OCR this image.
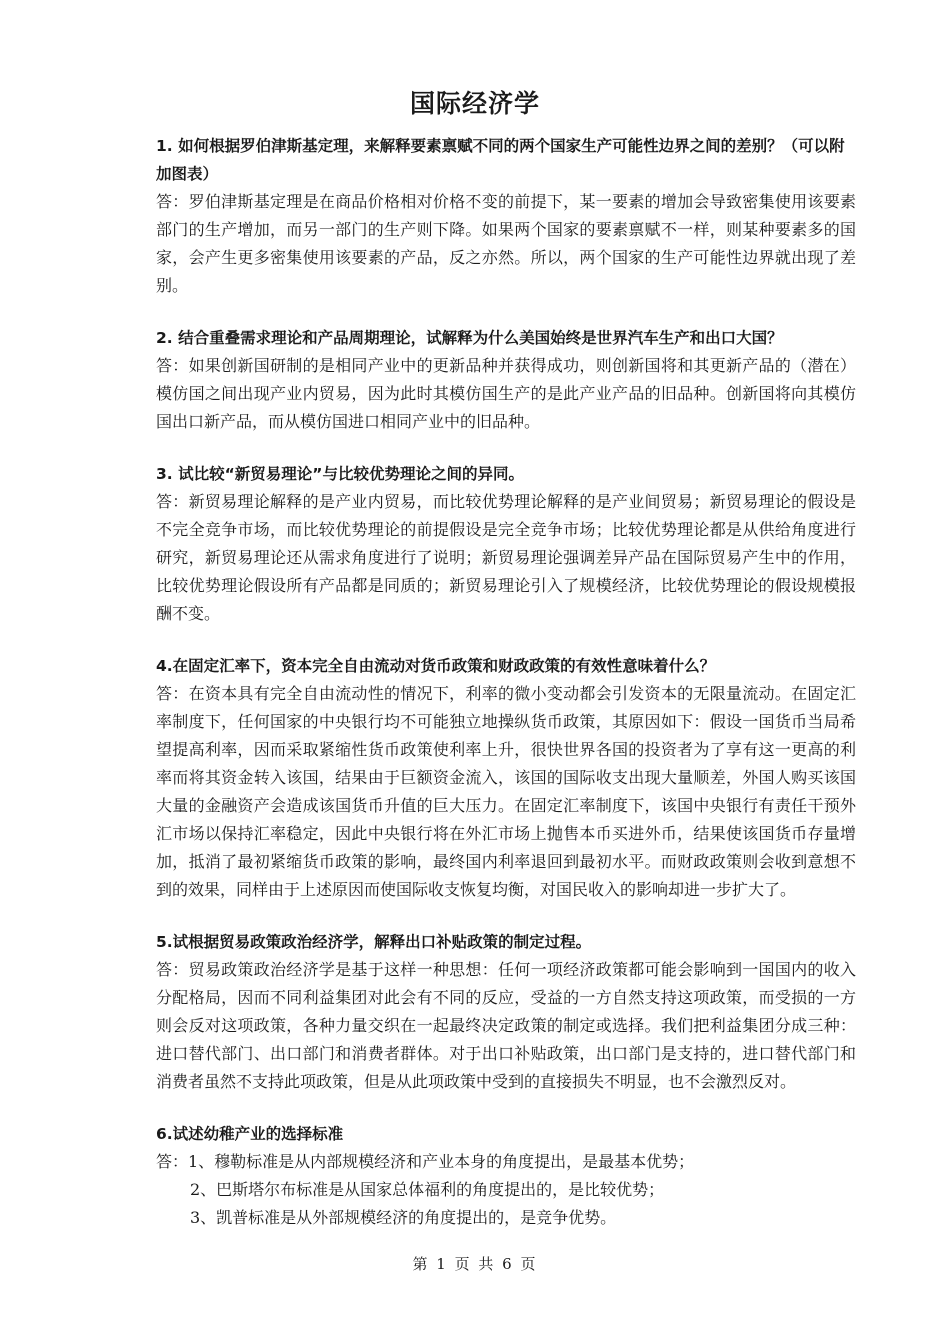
国际经济学

1. 如何根据罗伯津斯基定理，来解释要素禀赋不同的两个国家生产可能性边界之间的差别？（可以附加图表）

答：罗伯津斯基定理是在商品价格相对价格不变的前提下，某一要素的增加会导致密集使用该要素部门的生产增加，而另一部门的生产则下降。如果两个国家的要素禀赋不一样，则某种要素多的国家，会产生更多密集使用该要素的产品，反之亦然。所以，两个国家的生产可能性边界就出现了差别。

2. 结合重叠需求理论和产品周期理论，试解释为什么美国始终是世界汽车生产和出口大国？

答：如果创新国研制的是相同产业中的更新品种并获得成功，则创新国将和其更新产品的（潜在）模仿国之间出现产业内贸易，因为此时其模仿国生产的是此产业产品的旧品种。创新国将向其模仿国出口新产品，而从模仿国进口相同产业中的旧品种。

3. 试比较“新贸易理论”与比较优势理论之间的异同。

答：新贸易理论解释的是产业内贸易，而比较优势理论解释的是产业间贸易；新贸易理论的假设是不完全竞争市场，而比较优势理论的前提假设是完全竞争市场；比较优势理论都是从供给角度进行研究，新贸易理论还从需求角度进行了说明；新贸易理论强调差异产品在国际贸易产生中的作用，比较优势理论假设所有产品都是同质的；新贸易理论引入了规模经济，比较优势理论的假设规模报酬不变。

4.在固定汇率下，资本完全自由流动对货币政策和财政政策的有效性意味着什么？

答：在资本具有完全自由流动性的情况下，利率的微小变动都会引发资本的无限量流动。在固定汇率制度下，任何国家的中央银行均不可能独立地操纵货币政策，其原因如下：假设一国货币当局希望提高利率，因而采取紧缩性货币政策使利率上升，很快世界各国的投资者为了享有这一更高的利率而将其资金转入该国，结果由于巨额资金流入，该国的国际收支出现大量顺差，外国人购买该国大量的金融资产会造成该国货币升值的巨大压力。在固定汇率制度下，该国中央银行有责任干预外汇市场以保持汇率稳定，因此中央银行将在外汇市场上抛售本币买进外币，结果使该国货币存量增加，抵消了最初紧缩货币政策的影响，最终国内利率退回到最初水平。而财政政策则会收到意想不到的效果，同样由于上述原因而使国际收支恢复均衡，对国民收入的影响却进一步扩大了。

5.试根据贸易政策政治经济学，解释出口补贴政策的制定过程。

答：贸易政策政治经济学是基于这样一种思想：任何一项经济政策都可能会影响到一国国内的收入分配格局，因而不同利益集团对此会有不同的反应，受益的一方自然支持这项政策，而受损的一方则会反对这项政策，各种力量交织在一起最终决定政策的制定或选择。我们把利益集团分成三种：进口替代部门、出口部门和消费者群体。对于出口补贴政策，出口部门是支持的，进口替代部门和消费者虽然不支持此项政策，但是从此项政策中受到的直接损失不明显，也不会激烈反对。

6.试述幼稚产业的选择标准

答：1、穆勒标准是从内部规模经济和产业本身的角度提出，是最基本优势；

2、巴斯塔尔布标准是从国家总体福利的角度提出的，是比较优势；

3、凯普标准是从外部规模经济的角度提出的，是竞争优势。

第 1 页 共 6 页
